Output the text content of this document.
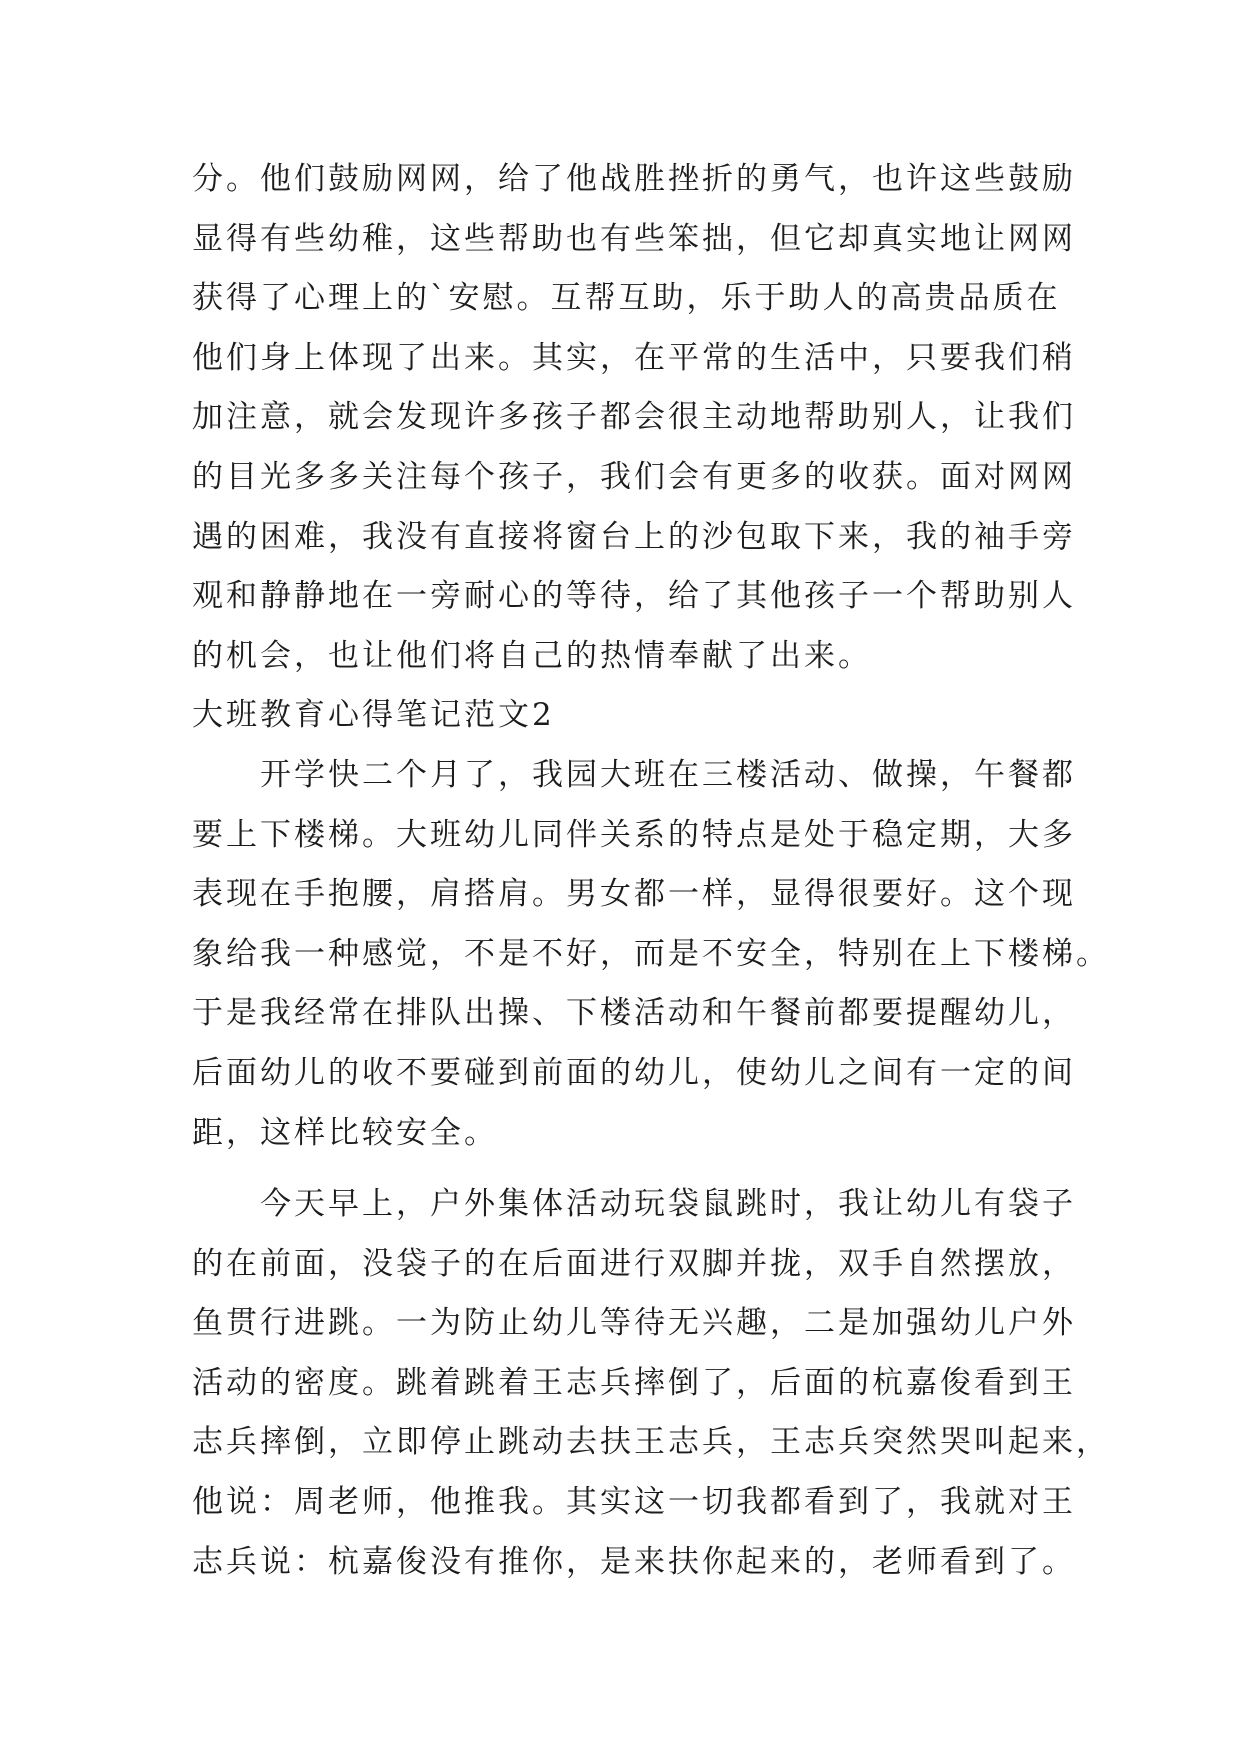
分。他们鼓励网网，给了他战胜挫折的勇气，也许这些鼓励
显得有些幼稚，这些帮助也有些笨拙，但它却真实地让网网
获得了心理上的`安慰。互帮互助，乐于助人的高贵品质在
他们身上体现了出来。其实，在平常的生活中，只要我们稍
加注意，就会发现许多孩子都会很主动地帮助别人，让我们
的目光多多关注每个孩子，我们会有更多的收获。面对网网
遇的困难，我没有直接将窗台上的沙包取下来，我的袖手旁
观和静静地在一旁耐心的等待，给了其他孩子一个帮助别人
的机会，也让他们将自己的热情奉献了出来。
大班教育心得笔记范文2
开学快二个月了，我园大班在三楼活动、做操，午餐都
要上下楼梯。大班幼儿同伴关系的特点是处于稳定期，大多
表现在手抱腰，肩搭肩。男女都一样，显得很要好。这个现
象给我一种感觉，不是不好，而是不安全，特别在上下楼梯。
于是我经常在排队出操、下楼活动和午餐前都要提醒幼儿，
后面幼儿的收不要碰到前面的幼儿，使幼儿之间有一定的间
距，这样比较安全。
今天早上，户外集体活动玩袋鼠跳时，我让幼儿有袋子
的在前面，没袋子的在后面进行双脚并拢，双手自然摆放，
鱼贯行进跳。一为防止幼儿等待无兴趣，二是加强幼儿户外
活动的密度。跳着跳着王志兵摔倒了，后面的杭嘉俊看到王
志兵摔倒，立即停止跳动去扶王志兵，王志兵突然哭叫起来，
他说：周老师，他推我。其实这一切我都看到了，我就对王
志兵说：杭嘉俊没有推你，是来扶你起来的，老师看到了。
